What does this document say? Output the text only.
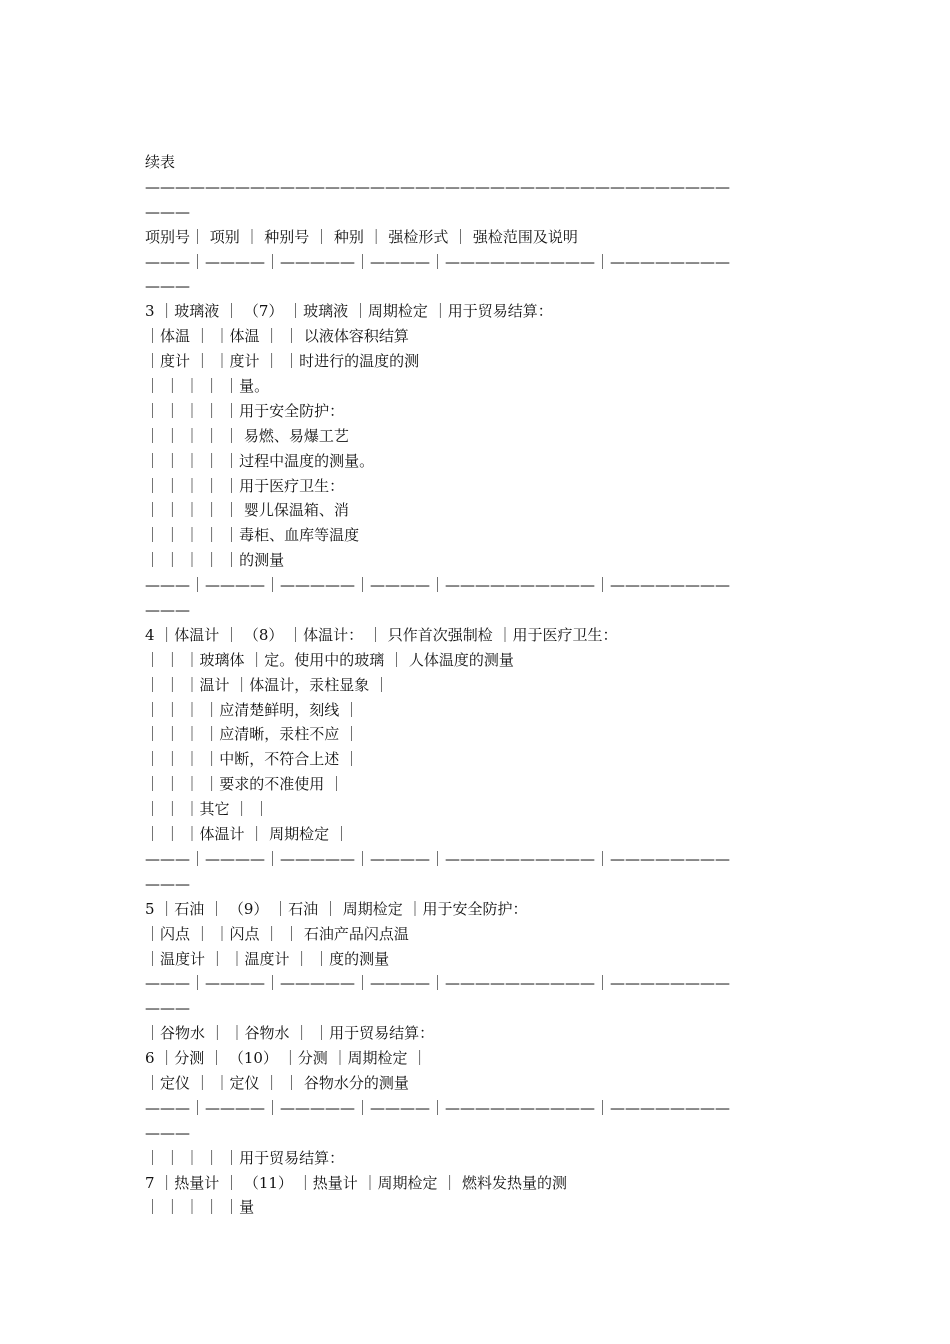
续表
———————————————————————————————————————
———
项别号｜ 项别 ｜ 种别号 ｜ 种别 ｜ 强检形式 ｜ 强检范围及说明
———｜————｜—————｜————｜——————————｜————————
———
3 ｜玻璃液 ｜ （7） ｜玻璃液 ｜周期检定 ｜用于贸易结算：
｜体温 ｜ ｜体温 ｜ ｜ 以液体容积结算
｜度计 ｜ ｜度计 ｜ ｜时进行的温度的测
｜ ｜ ｜ ｜ ｜量。
｜ ｜ ｜ ｜ ｜用于安全防护：
｜ ｜ ｜ ｜ ｜ 易燃、易爆工艺
｜ ｜ ｜ ｜ ｜过程中温度的测量。
｜ ｜ ｜ ｜ ｜用于医疗卫生：
｜ ｜ ｜ ｜ ｜ 婴儿保温箱、消
｜ ｜ ｜ ｜ ｜毒柜、血库等温度
｜ ｜ ｜ ｜ ｜的测量
———｜————｜—————｜————｜——————————｜————————
———
4 ｜体温计 ｜ （8） ｜体温计： ｜ 只作首次强制检 ｜用于医疗卫生：
｜ ｜ ｜玻璃体 ｜定。使用中的玻璃 ｜ 人体温度的测量
｜ ｜ ｜温计 ｜体温计，汞柱显象 ｜
｜ ｜ ｜ ｜应清楚鲜明，刻线 ｜
｜ ｜ ｜ ｜应清晰，汞柱不应 ｜
｜ ｜ ｜ ｜中断，不符合上述 ｜
｜ ｜ ｜ ｜要求的不准使用 ｜
｜ ｜ ｜其它 ｜ ｜
｜ ｜ ｜体温计 ｜ 周期检定 ｜
———｜————｜—————｜————｜——————————｜————————
———
5 ｜石油 ｜ （9） ｜石油 ｜ 周期检定 ｜用于安全防护：
｜闪点 ｜ ｜闪点 ｜ ｜ 石油产品闪点温
｜温度计 ｜ ｜温度计 ｜ ｜度的测量
———｜————｜—————｜————｜——————————｜————————
———
｜谷物水 ｜ ｜谷物水 ｜ ｜用于贸易结算：
6 ｜分测 ｜ （10） ｜分测 ｜周期检定 ｜
｜定仪 ｜ ｜定仪 ｜ ｜ 谷物水分的测量
———｜————｜—————｜————｜——————————｜————————
———
｜ ｜ ｜ ｜ ｜用于贸易结算：
7 ｜热量计 ｜ （11） ｜热量计 ｜周期检定 ｜ 燃料发热量的测
｜ ｜ ｜ ｜ ｜量
